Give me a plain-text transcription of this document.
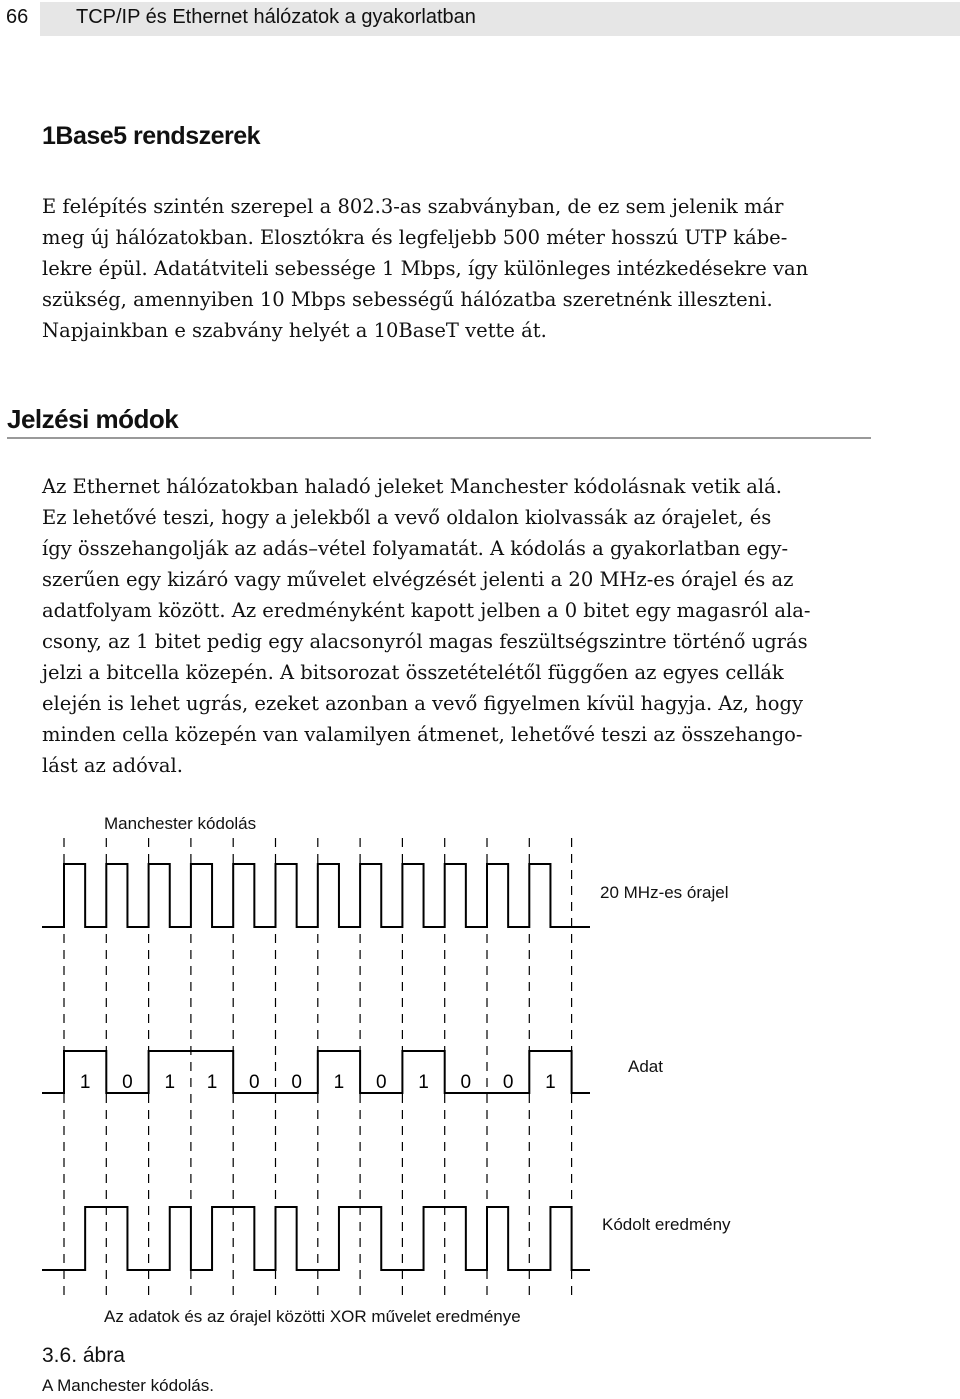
66 TCP/IP és Ethernet hálózatok a gyakorlatban
1Base5 rendszerek
E felépítés szintén szerepel a 802.3-as szabványban, de ez sem jelenik már
meg új hálózatokban. Elosztókra és legfeljebb 500 méter hosszú UTP kábe-
lekre épül. Adatátviteli sebessége 1 Mbps, így különleges intézkedésekre van
szükség, amennyiben 10 Mbps sebességű hálózatba szeretnénk illeszteni.
Napjainkban e szabvány helyét a 10BaseT vette át.
Jelzési módok
Az Ethernet hálózatokban haladó jeleket Manchester kódolásnak vetik alá.
Ez lehetővé teszi, hogy a jelekből a vevő oldalon kiolvassák az órajelet, és
így összehangolják az adás–vétel folyamatát. A kódolás a gyakorlatban egy-
szerűen egy kizáró vagy művelet elvégzését jelenti a 20 MHz-es órajel és az
adatfolyam között. Az eredményként kapott jelben a 0 bitet egy magasról ala-
csony, az 1 bitet pedig egy alacsonyról magas feszültségszintre történő ugrás
jelzi a bitcella közepén. A bitsorozat összetételétől függően az egyes cellák
elején is lehet ugrás, ezeket azonban a vevő figyelmen kívül hagyja. Az, hogy
minden cella közepén van valamilyen átmenet, lehetővé teszi az összehango-
lást az adóval.
1 0 1 1 0 0 1 0 1 0 0 1
Manchester kódolás
20 MHz-es órajel
Adat
Kódolt eredmény
Az adatok és az órajel közötti XOR művelet eredménye
3.6. ábra
A Manchester kódolás.
